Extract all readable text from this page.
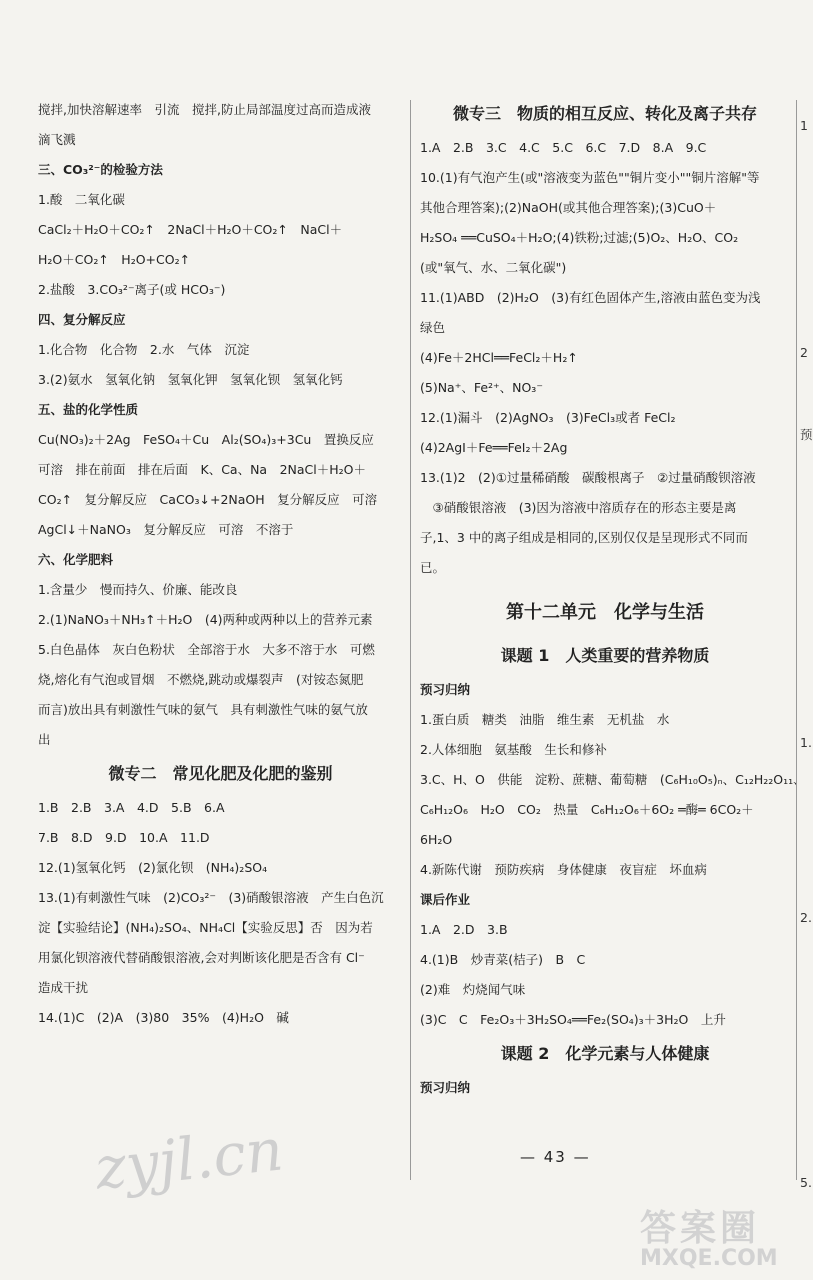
搅拌,加快溶解速率　引流　搅拌,防止局部温度过高而造成液
滴飞溅
三、CO₃²⁻的检验方法
1.酸　二氧化碳
CaCl₂＋H₂O＋CO₂↑　2NaCl＋H₂O＋CO₂↑　NaCl＋
H₂O＋CO₂↑　H₂O+CO₂↑
2.盐酸　3.CO₃²⁻离子(或 HCO₃⁻)
四、复分解反应
1.化合物　化合物　2.水　气体　沉淀
3.(2)氨水　氢氧化钠　氢氧化钾　氢氧化钡　氢氧化钙
五、盐的化学性质
Cu(NO₃)₂＋2Ag　FeSO₄＋Cu　Al₂(SO₄)₃+3Cu　置换反应
可溶　排在前面　排在后面　K、Ca、Na　2NaCl＋H₂O＋
CO₂↑　复分解反应　CaCO₃↓+2NaOH　复分解反应　可溶
AgCl↓＋NaNO₃　复分解反应　可溶　不溶于
六、化学肥料
1.含量少　慢而持久、价廉、能改良
2.(1)NaNO₃＋NH₃↑＋H₂O　(4)两种或两种以上的营养元素
5.白色晶体　灰白色粉状　全部溶于水　大多不溶于水　可燃
烧,熔化有气泡或冒烟　不燃烧,跳动或爆裂声　(对铵态氮肥
而言)放出具有刺激性气味的氨气　具有刺激性气味的氨气放
出
微专二　常见化肥及化肥的鉴别
1.B　2.B　3.A　4.D　5.B　6.A
7.B　8.D　9.D　10.A　11.D
12.(1)氢氧化钙　(2)氯化钡　(NH₄)₂SO₄
13.(1)有刺激性气味　(2)CO₃²⁻　(3)硝酸银溶液　产生白色沉
淀【实验结论】(NH₄)₂SO₄、NH₄Cl【实验反思】否　因为若
用氯化钡溶液代替硝酸银溶液,会对判断该化肥是否含有 Cl⁻
造成干扰
14.(1)C　(2)A　(3)80　35%　(4)H₂O　碱
微专三　物质的相互反应、转化及离子共存
1.A　2.B　3.C　4.C　5.C　6.C　7.D　8.A　9.C
10.(1)有气泡产生(或"溶液变为蓝色""铜片变小""铜片溶解"等
其他合理答案);(2)NaOH(或其他合理答案);(3)CuO＋
H₂SO₄ ══CuSO₄＋H₂O;(4)铁粉;过滤;(5)O₂、H₂O、CO₂
(或"氧气、水、二氧化碳")
11.(1)ABD　(2)H₂O　(3)有红色固体产生,溶液由蓝色变为浅
绿色
(4)Fe＋2HCl══FeCl₂＋H₂↑
(5)Na⁺、Fe²⁺、NO₃⁻
12.(1)漏斗　(2)AgNO₃　(3)FeCl₃或者 FeCl₂
(4)2AgI＋Fe══FeI₂＋2Ag
13.(1)2　(2)①过量稀硝酸　碳酸根离子　②过量硝酸钡溶液
　③硝酸银溶液　(3)因为溶液中溶质存在的形态主要是离
子,1、3 中的离子组成是相同的,区别仅仅是呈现形式不同而
已。
第十二单元　化学与生活
课题 1　人类重要的营养物质
预习归纳
1.蛋白质　糖类　油脂　维生素　无机盐　水
2.人体细胞　氨基酸　生长和修补
3.C、H、O　供能　淀粉、蔗糖、葡萄糖　(C₆H₁₀O₅)ₙ、C₁₂H₂₂O₁₁、
C₆H₁₂O₆　H₂O　CO₂　热量　C₆H₁₂O₆＋6O₂ ═酶═ 6CO₂＋
6H₂O
4.新陈代谢　预防疾病　身体健康　夜盲症　坏血病
课后作业
1.A　2.D　3.B
4.(1)B　炒青菜(桔子)　B　C
(2)难　灼烧闻气味
(3)C　C　Fe₂O₃＋3H₂SO₄══Fe₂(SO₄)₃＋3H₂O　上升
课题 2　化学元素与人体健康
预习归纳
— 43 —
zyjl.cn
答案圈
MXQE.COM
1
2
预
1.
2.
5.
